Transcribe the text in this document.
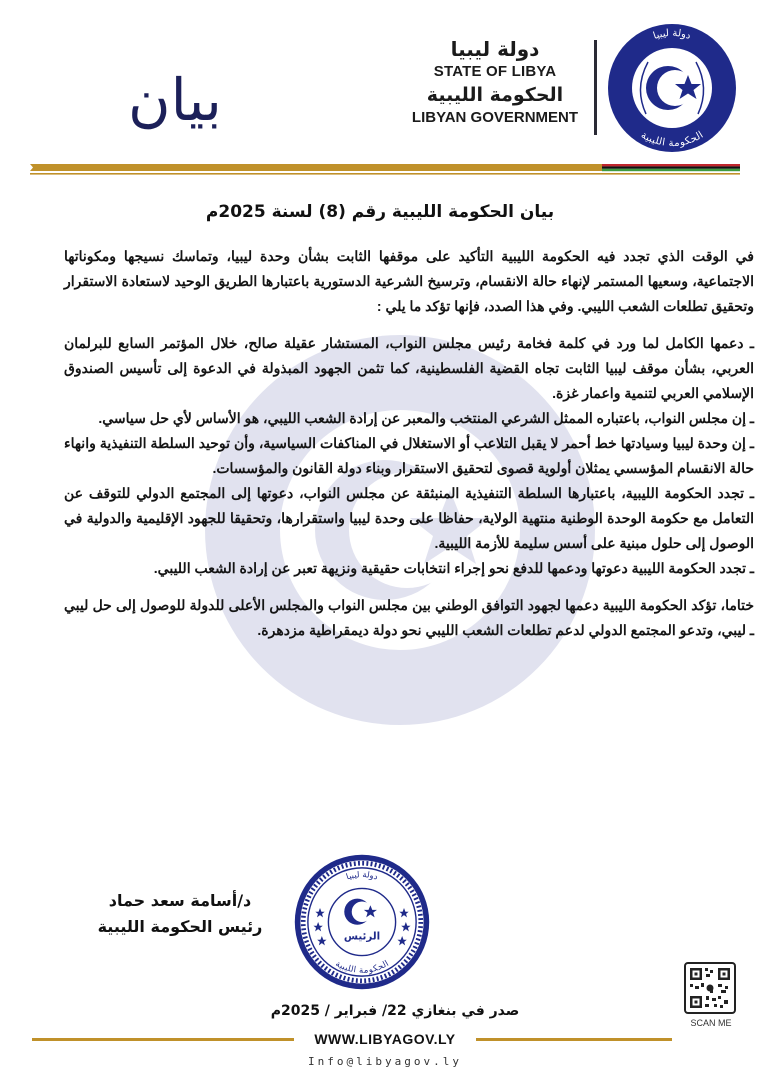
بيان
دولة ليبيا
STATE OF LIBYA
الحكومة الليبية
LIBYAN GOVERNMENT
دولة ليبيا
الحكومة الليبية
بيان الحكومة الليبية رقم (8) لسنة 2025م

في الوقت الذي تجدد فيه الحكومة الليبية التأكيد على موقفها الثابت بشأن وحدة ليبيا، وتماسك نسيجها ومكوناتها الاجتماعية، وسعيها المستمر لإنهاء حالة الانقسام، وترسيخ الشرعية الدستورية باعتبارها الطريق الوحيد لاستعادة الاستقرار وتحقيق تطلعات الشعب الليبي. وفي هذا الصدد، فإنها تؤكد ما يلي :

ـ دعمها الكامل لما ورد في كلمة فخامة رئيس مجلس النواب، المستشار عقيلة صالح، خلال المؤتمر السابع للبرلمان العربي، بشأن موقف ليبيا الثابت تجاه القضية الفلسطينية، كما تثمن الجهود المبذولة في الدعوة إلى تأسيس الصندوق الإسلامي العربي لتنمية واعمار غزة.

ـ إن مجلس النواب، باعتباره الممثل الشرعي المنتخب والمعبر عن إرادة الشعب الليبي، هو الأساس لأي حل سياسي.

ـ إن وحدة ليبيا وسيادتها خط أحمر لا يقبل التلاعب أو الاستغلال في المناكفات السياسية، وأن توحيد السلطة التنفيذية وانهاء حالة الانقسام المؤسسي يمثلان أولوية قصوى لتحقيق الاستقرار وبناء دولة القانون والمؤسسات.

ـ تجدد الحكومة الليبية، باعتبارها السلطة التنفيذية المنبثقة عن مجلس النواب، دعوتها إلى المجتمع الدولي للتوقف عن التعامل مع حكومة الوحدة الوطنية منتهية الولاية، حفاظا على وحدة ليبيا واستقرارها، وتحقيقا للجهود الإقليمية والدولية في الوصول إلى حلول مبنية على أسس سليمة للأزمة الليبية.

ـ تجدد الحكومة الليبية دعوتها ودعمها للدفع نحو إجراء انتخابات حقيقية ونزيهة تعبر عن إرادة الشعب الليبي.

ختاما، تؤكد الحكومة الليبية دعمها لجهود التوافق الوطني بين مجلس النواب والمجلس الأعلى للدولة للوصول إلى حل ليبي ـ ليبي، وتدعو المجتمع الدولي لدعم تطلعات الشعب الليبي نحو دولة ديمقراطية مزدهرة.

د/أسامة سعد حماد
رئيس الحكومة الليبية
الرئيس
دولة ليبيا
الحكومة الليبية
صدر في بنغازي 22/ فبراير / 2025م
SCAN ME
WWW.LIBYAGOV.LY
Info@libyagov.ly
